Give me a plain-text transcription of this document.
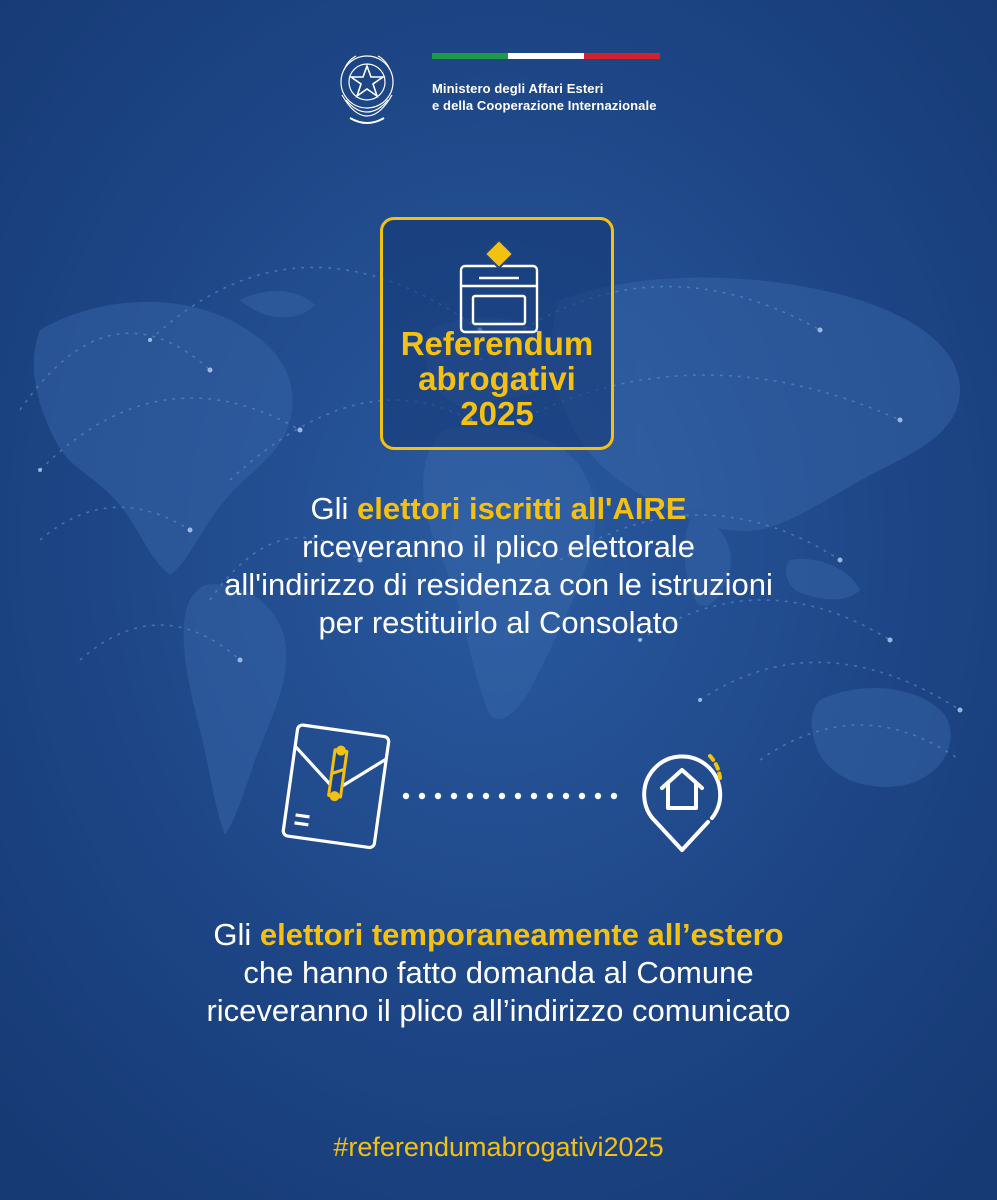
Ministero degli Affari Esteri
e della Cooperazione Internazionale
Referendum
abrogativi
2025
Gli elettori iscritti all'AIRE
riceveranno il plico elettorale
all'indirizzo di residenza con le istruzioni
per restituirlo al Consolato
Gli elettori temporaneamente all’estero
che hanno fatto domanda al Comune
riceveranno il plico all’indirizzo comunicato
#referendumabrogativi2025
